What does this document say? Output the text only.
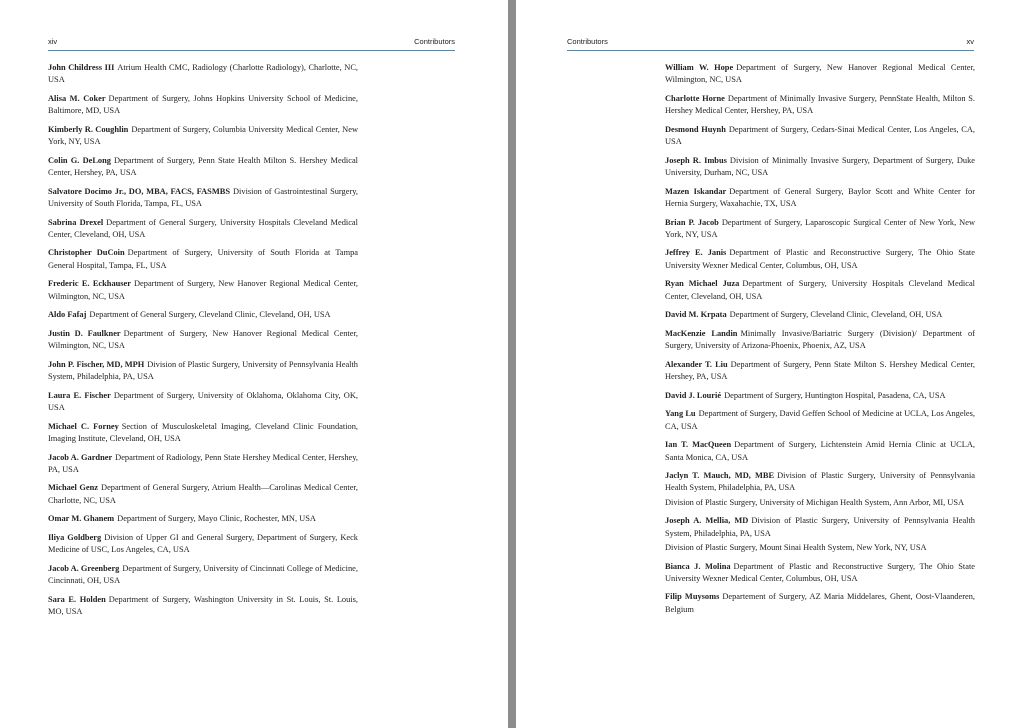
xiv	Contributors
John Childress III Atrium Health CMC, Radiology (Charlotte Radiology), Charlotte, NC, USA
Alisa M. Coker Department of Surgery, Johns Hopkins University School of Medicine, Baltimore, MD, USA
Kimberly R. Coughlin Department of Surgery, Columbia University Medical Center, New York, NY, USA
Colin G. DeLong Department of Surgery, Penn State Health Milton S. Hershey Medical Center, Hershey, PA, USA
Salvatore Docimo Jr., DO, MBA, FACS, FASMBS Division of Gastrointestinal Surgery, University of South Florida, Tampa, FL, USA
Sabrina Drexel Department of General Surgery, University Hospitals Cleveland Medical Center, Cleveland, OH, USA
Christopher DuCoin Department of Surgery, University of South Florida at Tampa General Hospital, Tampa, FL, USA
Frederic E. Eckhauser Department of Surgery, New Hanover Regional Medical Center, Wilmington, NC, USA
Aldo Fafaj Department of General Surgery, Cleveland Clinic, Cleveland, OH, USA
Justin D. Faulkner Department of Surgery, New Hanover Regional Medical Center, Wilmington, NC, USA
John P. Fischer, MD, MPH Division of Plastic Surgery, University of Pennsylvania Health System, Philadelphia, PA, USA
Laura E. Fischer Department of Surgery, University of Oklahoma, Oklahoma City, OK, USA
Michael C. Forney Section of Musculoskeletal Imaging, Cleveland Clinic Foundation, Imaging Institute, Cleveland, OH, USA
Jacob A. Gardner Department of Radiology, Penn State Hershey Medical Center, Hershey, PA, USA
Michael Genz Department of General Surgery, Atrium Health—Carolinas Medical Center, Charlotte, NC, USA
Omar M. Ghanem Department of Surgery, Mayo Clinic, Rochester, MN, USA
Iliya Goldberg Division of Upper GI and General Surgery, Department of Surgery, Keck Medicine of USC, Los Angeles, CA, USA
Jacob A. Greenberg Department of Surgery, University of Cincinnati College of Medicine, Cincinnati, OH, USA
Sara E. Holden Department of Surgery, Washington University in St. Louis, St. Louis, MO, USA
Contributors	xv
William W. Hope Department of Surgery, New Hanover Regional Medical Center, Wilmington, NC, USA
Charlotte Horne Department of Minimally Invasive Surgery, PennState Health, Milton S. Hershey Medical Center, Hershey, PA, USA
Desmond Huynh Department of Surgery, Cedars-Sinai Medical Center, Los Angeles, CA, USA
Joseph R. Imbus Division of Minimally Invasive Surgery, Department of Surgery, Duke University, Durham, NC, USA
Mazen Iskandar Department of General Surgery, Baylor Scott and White Center for Hernia Surgery, Waxahachie, TX, USA
Brian P. Jacob Department of Surgery, Laparoscopic Surgical Center of New York, New York, NY, USA
Jeffrey E. Janis Department of Plastic and Reconstructive Surgery, The Ohio State University Wexner Medical Center, Columbus, OH, USA
Ryan Michael Juza Department of Surgery, University Hospitals Cleveland Medical Center, Cleveland, OH, USA
David M. Krpata Department of Surgery, Cleveland Clinic, Cleveland, OH, USA
MacKenzie Landin Minimally Invasive/Bariatric Surgery (Division)/ Department of Surgery, University of Arizona-Phoenix, Phoenix, AZ, USA
Alexander T. Liu Department of Surgery, Penn State Milton S. Hershey Medical Center, Hershey, PA, USA
David J. Lourié Department of Surgery, Huntington Hospital, Pasadena, CA, USA
Yang Lu Department of Surgery, David Geffen School of Medicine at UCLA, Los Angeles, CA, USA
Ian T. MacQueen Department of Surgery, Lichtenstein Amid Hernia Clinic at UCLA, Santa Monica, CA, USA
Jaclyn T. Mauch, MD, MBE Division of Plastic Surgery, University of Pennsylvania Health System, Philadelphia, PA, USA
Division of Plastic Surgery, University of Michigan Health System, Ann Arbor, MI, USA
Joseph A. Mellia, MD Division of Plastic Surgery, University of Pennsylvania Health System, Philadelphia, PA, USA
Division of Plastic Surgery, Mount Sinai Health System, New York, NY, USA
Bianca J. Molina Department of Plastic and Reconstructive Surgery, The Ohio State University Wexner Medical Center, Columbus, OH, USA
Filip Muysoms Departement of Surgery, AZ Maria Middelares, Ghent, Oost-Vlaanderen, Belgium
